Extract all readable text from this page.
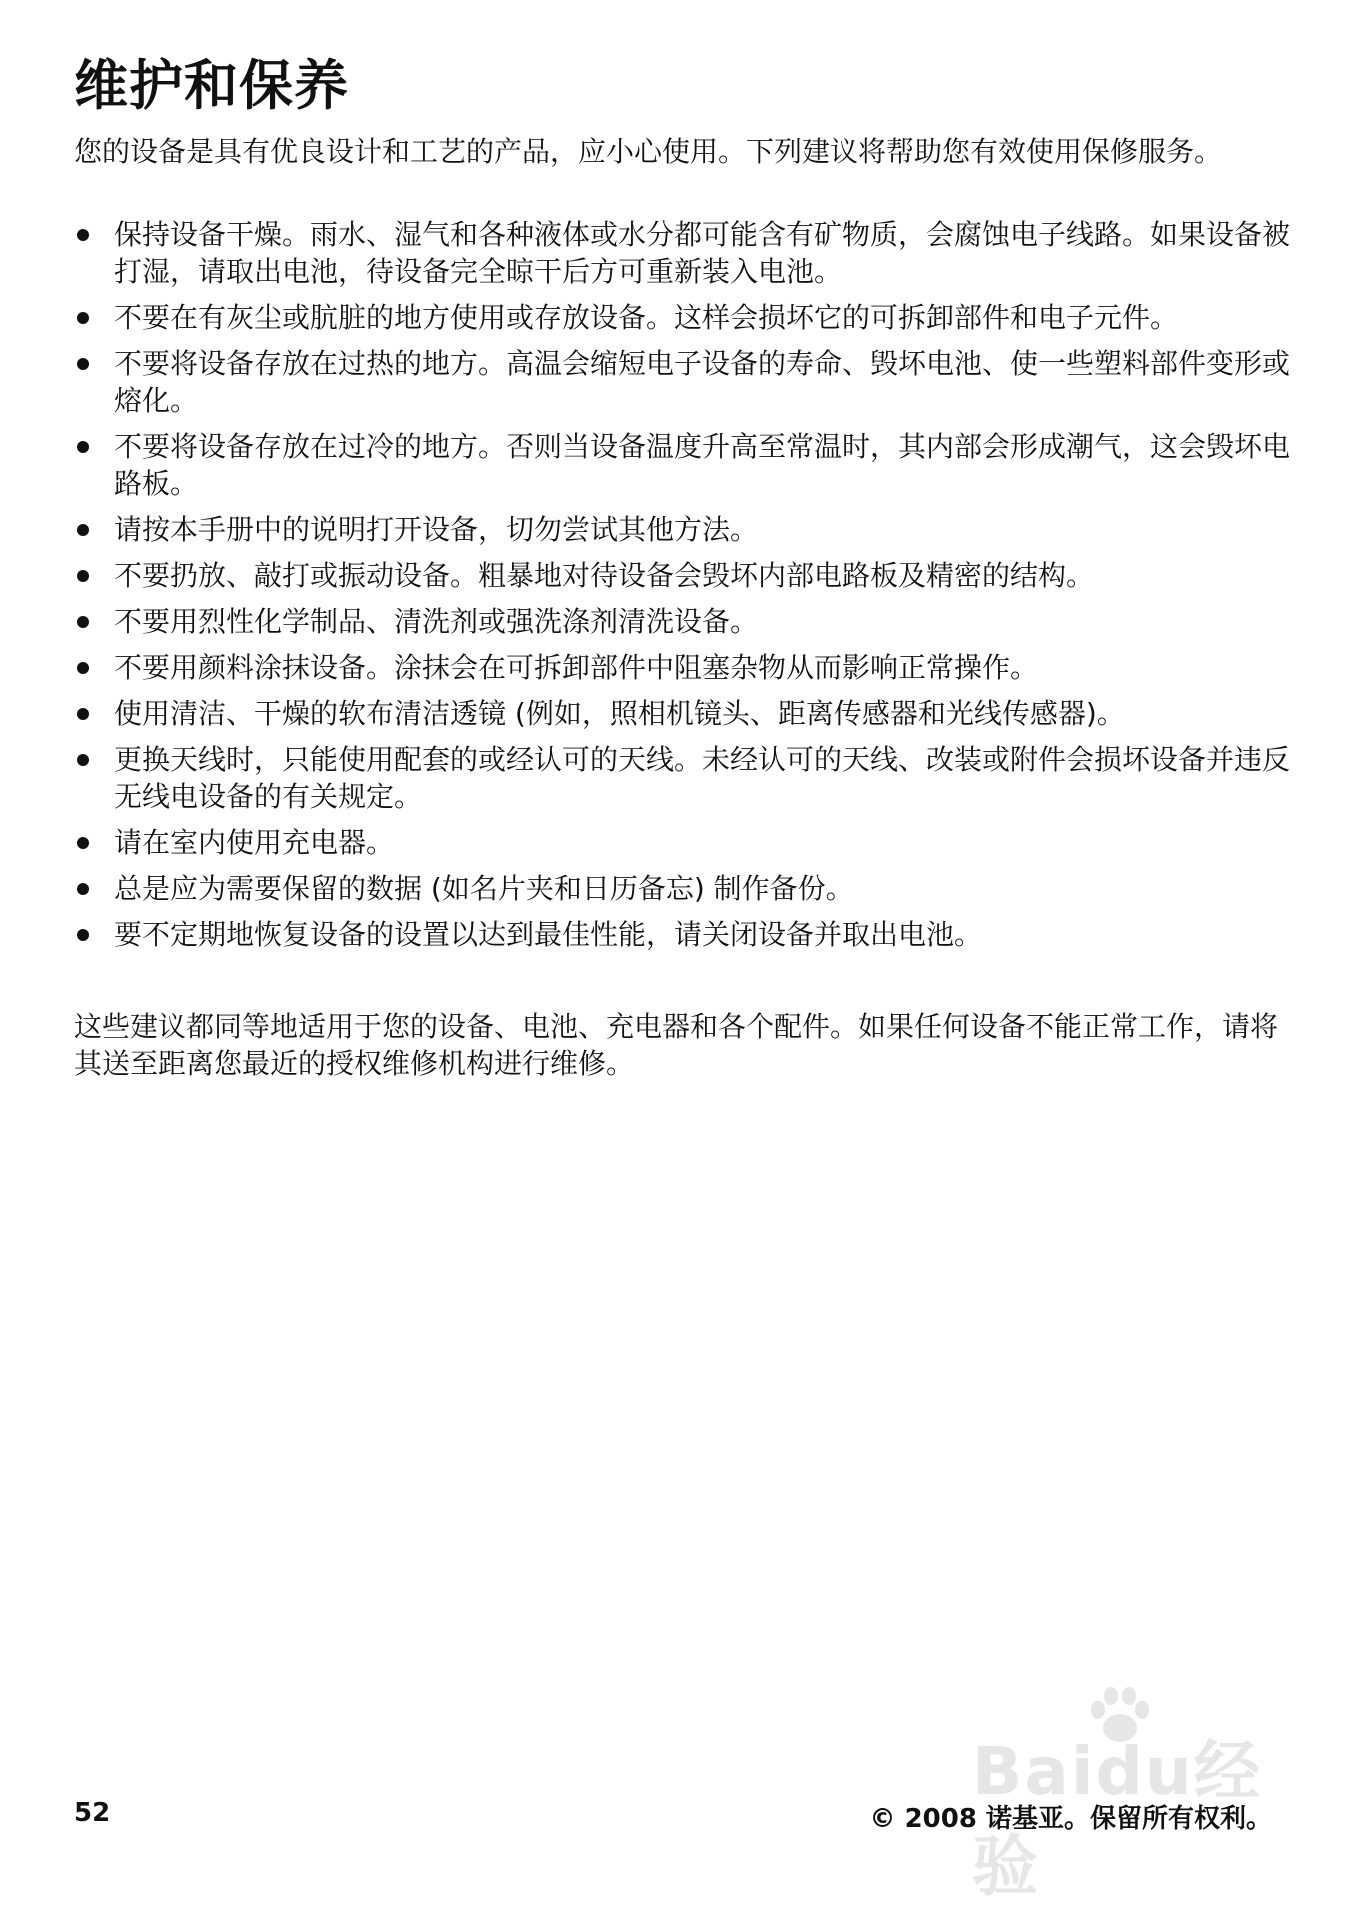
维护和保养

您的设备是具有优良设计和工艺的产品，应小心使用。下列建议将帮助您有效使用保修服务。

保持设备干燥。雨水、湿气和各种液体或水分都可能含有矿物质，会腐蚀电子线路。如果设备被打湿，请取出电池，待设备完全晾干后方可重新装入电池。
不要在有灰尘或肮脏的地方使用或存放设备。这样会损坏它的可拆卸部件和电子元件。
不要将设备存放在过热的地方。高温会缩短电子设备的寿命、毁坏电池、使一些塑料部件变形或熔化。
不要将设备存放在过冷的地方。否则当设备温度升高至常温时，其内部会形成潮气，这会毁坏电路板。
请按本手册中的说明打开设备，切勿尝试其他方法。
不要扔放、敲打或振动设备。粗暴地对待设备会毁坏内部电路板及精密的结构。
不要用烈性化学制品、清洗剂或强洗涤剂清洗设备。
不要用颜料涂抹设备。涂抹会在可拆卸部件中阻塞杂物从而影响正常操作。
使用清洁、干燥的软布清洁透镜 (例如，照相机镜头、距离传感器和光线传感器)。
更换天线时，只能使用配套的或经认可的天线。未经认可的天线、改装或附件会损坏设备并违反无线电设备的有关规定。
请在室内使用充电器。
总是应为需要保留的数据 (如名片夹和日历备忘) 制作备份。
要不定期地恢复设备的设置以达到最佳性能，请关闭设备并取出电池。

这些建议都同等地适用于您的设备、电池、充电器和各个配件。如果任何设备不能正常工作，请将其送至距离您最近的授权维修机构进行维修。

Baidu经验
52	© 2008 诺基亚。保留所有权利。
